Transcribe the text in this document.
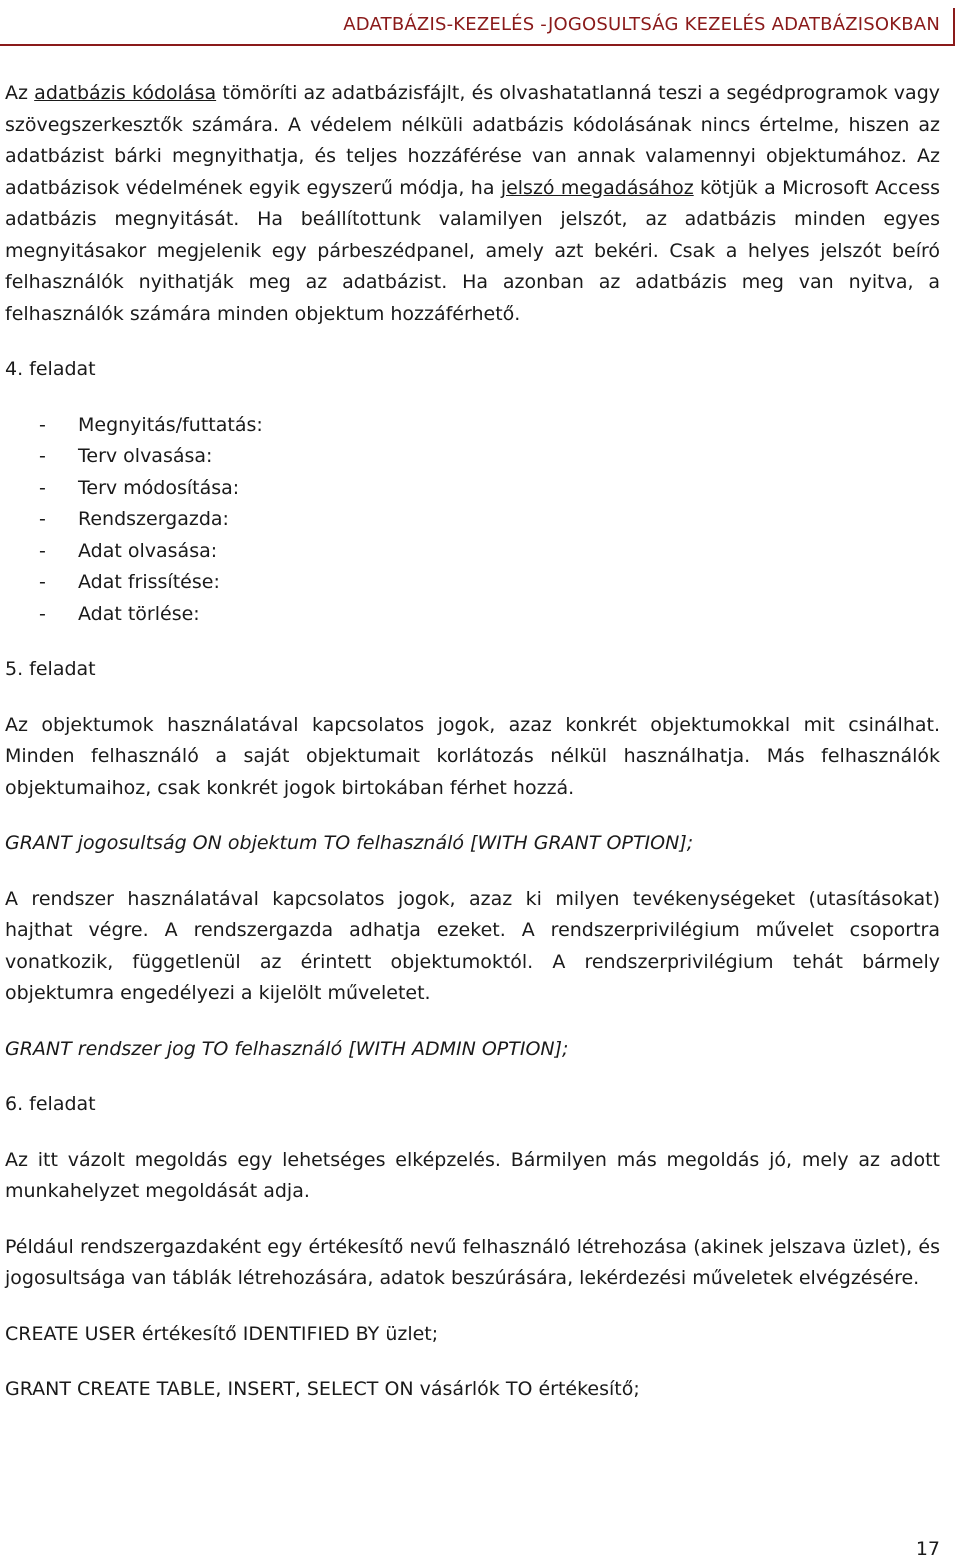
ADATBÁZIS-KEZELÉS -JOGOSULTSÁG KEZELÉS ADATBÁZISOKBAN

Az adatbázis kódolása tömöríti az adatbázisfájlt, és olvashatatlanná teszi a segédprogramok vagy szövegszerkesztők számára. A védelem nélküli adatbázis kódolásának nincs értelme, hiszen az adatbázist bárki megnyithatja, és teljes hozzáférése van annak valamennyi objektumához. Az adatbázisok védelmének egyik egyszerű módja, ha jelszó megadásához kötjük a Microsoft Access adatbázis megnyitását. Ha beállítottunk valamilyen jelszót, az adatbázis minden egyes megnyitásakor megjelenik egy párbeszédpanel, amely azt bekéri. Csak a helyes jelszót beíró felhasználók nyithatják meg az adatbázist. Ha azonban az adatbázis meg van nyitva, a felhasználók számára minden objektum hozzáférhető.

4. feladat

- Megnyitás/futtatás:
- Terv olvasása:
- Terv módosítása:
- Rendszergazda:
- Adat olvasása:
- Adat frissítése:
- Adat törlése:

5. feladat

Az objektumok használatával kapcsolatos jogok, azaz konkrét objektumokkal mit csinálhat. Minden felhasználó a saját objektumait korlátozás nélkül használhatja. Más felhasználók objektumaihoz, csak konkrét jogok birtokában férhet hozzá.

GRANT jogosultság ON objektum TO felhasználó [WITH GRANT OPTION];

A rendszer használatával kapcsolatos jogok, azaz ki milyen tevékenységeket (utasításokat) hajthat végre. A rendszergazda adhatja ezeket. A rendszerprivilégium művelet csoportra vonatkozik, függetlenül az érintett objektumoktól. A rendszerprivilégium tehát bármely objektumra engedélyezi a kijelölt műveletet.

GRANT rendszer jog TO felhasználó [WITH ADMIN OPTION];

6. feladat

Az itt vázolt megoldás egy lehetséges elképzelés. Bármilyen más megoldás jó, mely az adott munkahelyzet megoldását adja.

Például rendszergazdaként egy értékesítő nevű felhasználó létrehozása (akinek jelszava üzlet), és jogosultsága van táblák létrehozására, adatok beszúrására, lekérdezési műveletek elvégzésére.

CREATE USER értékesítő IDENTIFIED BY üzlet;

GRANT CREATE TABLE, INSERT, SELECT ON vásárlók TO értékesítő;

17
